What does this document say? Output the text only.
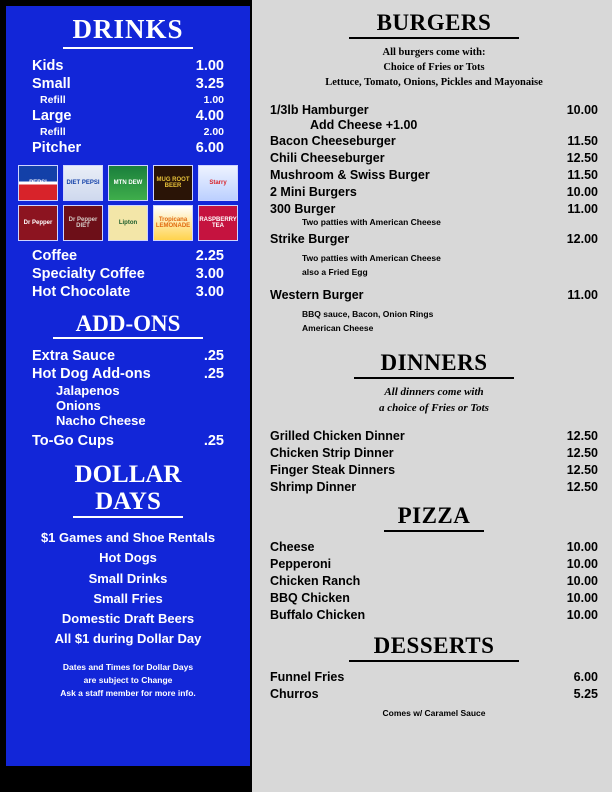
DRINKS
Kids	1.00
Small	3.25
Refill	1.00
Large	4.00
Refill	2.00
Pitcher	6.00
PEPSI	DIET PEPSI MTN DEW
MUG ROOT BEER
Starry
Dr Pepper
Dr Pepper DIET
Lipton
Tropicana LEMONADE
RASPBERRY TEA
Coffee	2.25
Specialty Coffee	3.00
Hot Chocolate	3.00
ADD-ONS
Extra Sauce	.25
Hot Dog Add-ons	.25
Jalapenos
Onions
Nacho Cheese
To-Go Cups	.25
DOLLAR
DAYS
$1 Games and Shoe Rentals
Hot Dogs
Small Drinks
Small Fries
Domestic Draft Beers
All $1 during Dollar Day
Dates and Times for Dollar Days
are subject to Change
Ask a staff member for more info.
BURGERS
All burgers come with:
Choice of Fries or Tots
Lettuce, Tomato, Onions, Pickles and Mayonaise
1/3lb Hamburger	10.00
Add Cheese +1.00
Bacon Cheeseburger	11.50
Chili Cheeseburger	12.50
Mushroom & Swiss Burger	11.50
2 Mini Burgers	10.00
300 Burger	11.00
Two patties with American Cheese
Strike Burger	12.00
Two patties with American Cheese
also a Fried Egg
Western Burger	11.00
BBQ sauce, Bacon, Onion Rings
American Cheese
DINNERS
All dinners come with
a choice of Fries or Tots
Grilled Chicken Dinner	12.50
Chicken Strip Dinner	12.50
Finger Steak Dinners	12.50
Shrimp Dinner	12.50
PIZZA
Cheese	10.00
Pepperoni	10.00
Chicken Ranch	10.00
BBQ Chicken	10.00
Buffalo Chicken	10.00
DESSERTS
Funnel Fries	6.00
Churros	5.25
Comes w/ Caramel Sauce
